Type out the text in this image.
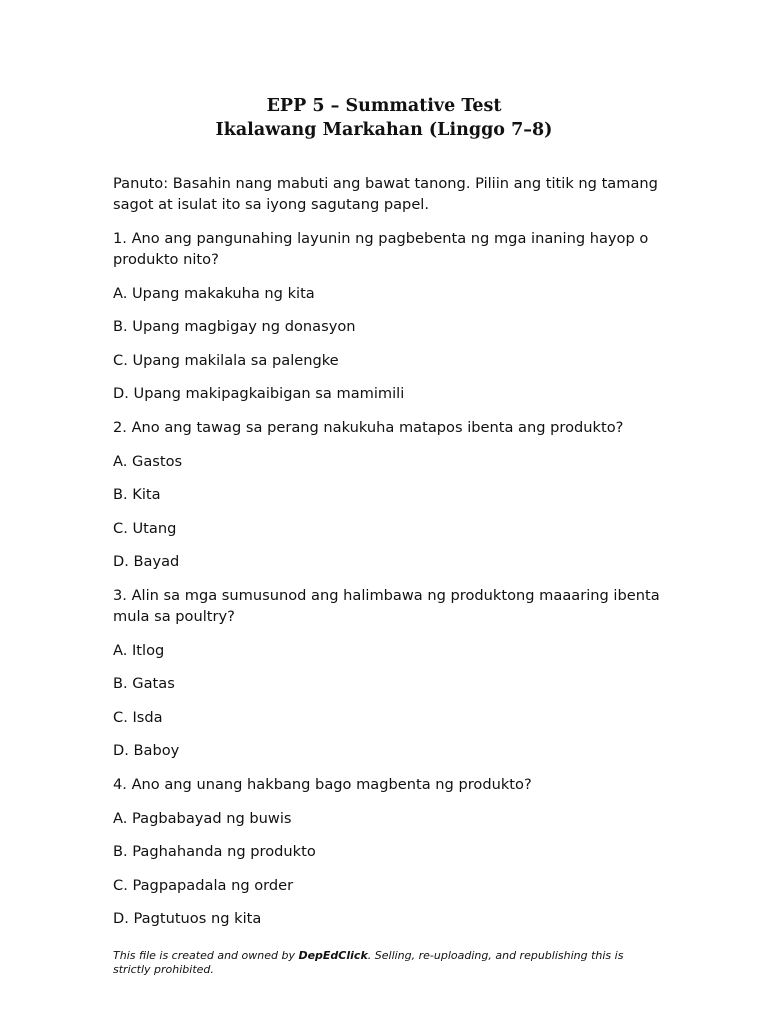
EPP 5 – Summative Test
Ikalawang Markahan (Linggo 7–8)

Panuto: Basahin nang mabuti ang bawat tanong. Piliin ang titik ng tamang sagot at isulat ito sa iyong sagutang papel.

1. Ano ang pangunahing layunin ng pagbebenta ng mga inaning hayop o produkto nito?

A. Upang makakuha ng kita

B. Upang magbigay ng donasyon

C. Upang makilala sa palengke

D. Upang makipagkaibigan sa mamimili

2. Ano ang tawag sa perang nakukuha matapos ibenta ang produkto?

A. Gastos

B. Kita

C. Utang

D. Bayad

3. Alin sa mga sumusunod ang halimbawa ng produktong maaaring ibenta mula sa poultry?

A. Itlog

B. Gatas

C. Isda

D. Baboy

4. Ano ang unang hakbang bago magbenta ng produkto?

A. Pagbabayad ng buwis

B. Paghahanda ng produkto

C. Pagpapadala ng order

D. Pagtutuos ng kita

This file is created and owned by DepEdClick. Selling, re-uploading, and republishing this is strictly prohibited.
